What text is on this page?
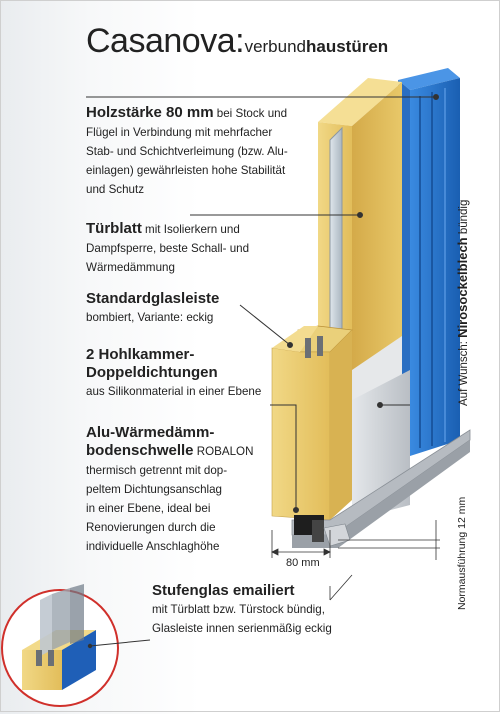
Casanova:verbundhaustüren
Holzstärke 80 mm bei Stock und
Flügel in Verbindung mit mehrfacher
Stab- und Schichtverleimung (bzw. Alu-
einlagen) gewährleisten hohe Stabilität
und Schutz
Türblatt mit Isolierkern und
Dampfsperre, beste Schall- und
Wärmedämmung
Standardglasleiste
bombiert, Variante: eckig
2 Hohlkammer-
Doppeldichtungen
aus Silikonmaterial in einer Ebene
Alu-Wärmedämm-
bodenschwelle ROBALON
thermisch getrennt mit dop-
peltem Dichtungsanschlag
in einer Ebene, ideal bei
Renovierungen durch die
individuelle Anschlaghöhe
Auf Wunsch: Nirosockelblech bündig
80 mm	Normausführung 12 mm
Stufenglas emailiert
mit Türblatt bzw. Türstock bündig,
Glasleiste innen serienmäßig eckig
